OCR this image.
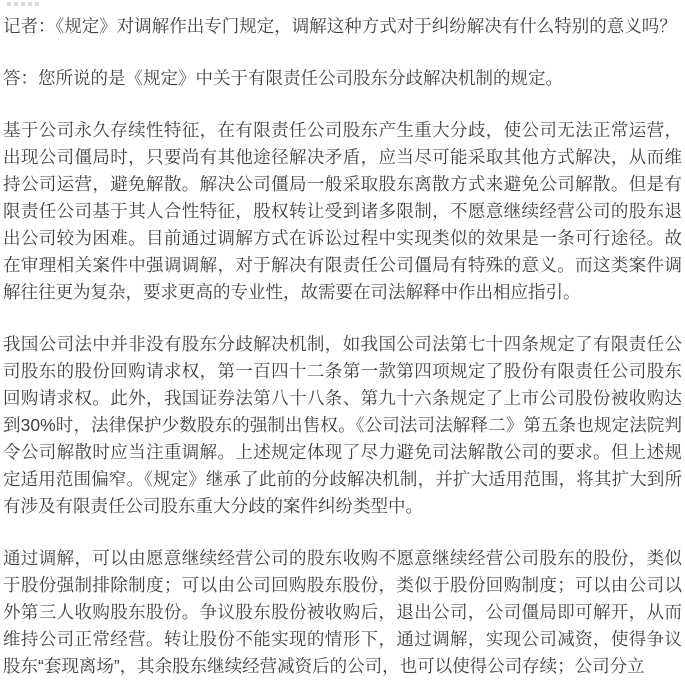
记者：《规定》对调解作出专门规定，调解这种方式对于纠纷解决有什么特别的意义吗？

答：您所说的是《规定》中关于有限责任公司股东分歧解决机制的规定。

基于公司永久存续性特征，在有限责任公司股东产生重大分歧，使公司无法正常运营，出现公司僵局时，只要尚有其他途径解决矛盾，应当尽可能采取其他方式解决，从而维持公司运营，避免解散。解决公司僵局一般采取股东离散方式来避免公司解散。但是有限责任公司基于其人合性特征，股权转让受到诸多限制，不愿意继续经营公司的股东退出公司较为困难。目前通过调解方式在诉讼过程中实现类似的效果是一条可行途径。故在审理相关案件中强调调解，对于解决有限责任公司僵局有特殊的意义。而这类案件调解往往更为复杂，要求更高的专业性，故需要在司法解释中作出相应指引。

我国公司法中并非没有股东分歧解决机制，如我国公司法第七十四条规定了有限责任公司股东的股份回购请求权，第一百四十二条第一款第四项规定了股份有限责任公司股东回购请求权。此外，我国证券法第八十八条、第九十六条规定了上市公司股份被收购达到30%时，法律保护少数股东的强制出售权。《公司法司法解释二》第五条也规定法院判令公司解散时应当注重调解。上述规定体现了尽力避免司法解散公司的要求。但上述规定适用范围偏窄。《规定》继承了此前的分歧解决机制，并扩大适用范围，将其扩大到所有涉及有限责任公司股东重大分歧的案件纠纷类型中。

通过调解，可以由愿意继续经营公司的股东收购不愿意继续经营公司股东的股份，类似于股份强制排除制度；可以由公司回购股东股份，类似于股份回购制度；可以由公司以外第三人收购股东股份。争议股东股份被收购后，退出公司，公司僵局即可解开，从而维持公司正常经营。转让股份不能实现的情形下，通过调解，实现公司减资，使得争议股东“套现离场”，其余股东继续经营减资后的公司，也可以使得公司存续；公司分立
